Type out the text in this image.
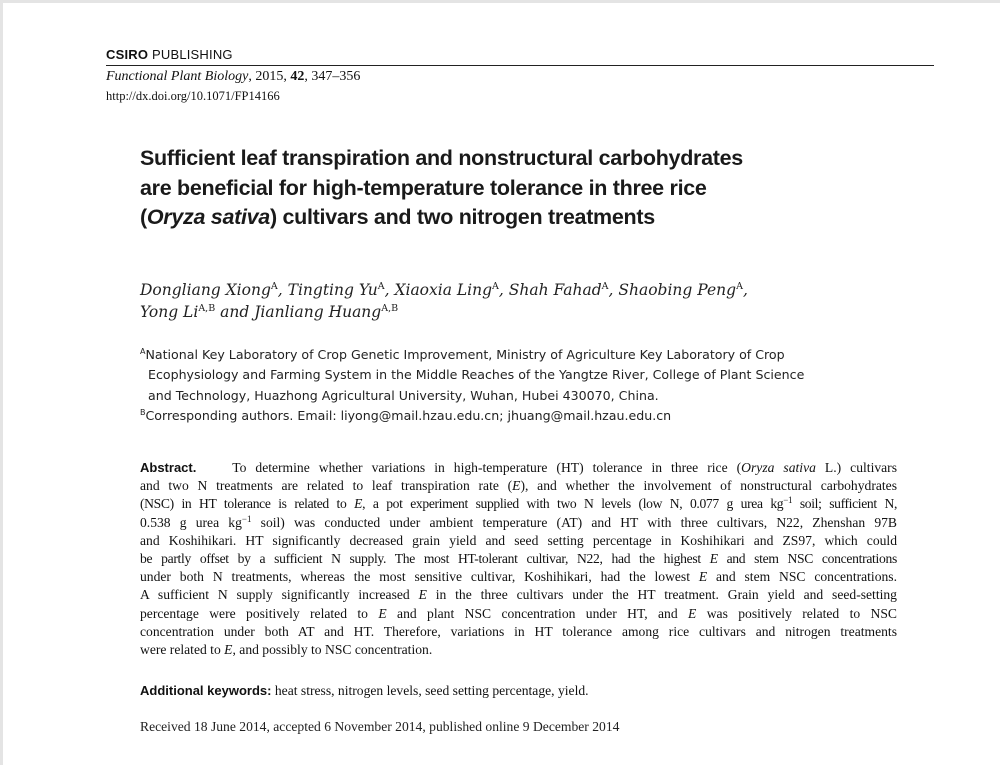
CSIRO PUBLISHING
Functional Plant Biology, 2015, 42, 347–356
http://dx.doi.org/10.1071/FP14166
Sufficient leaf transpiration and nonstructural carbohydrates
are beneficial for high-temperature tolerance in three rice
(Oryza sativa) cultivars and two nitrogen treatments
Dongliang Xiong$^A$, Tingting $Yu^A$, Xiaoxia Ling$^A$, Shah Fahad$^A$, Shaobing Peng$^A$,
Yong $Li^{A,B}$ and Jianliang Huang$^{A,B}$
$^A$National Key Laboratory of Crop Genetic Improvement, Ministry of Agriculture Key Laboratory of Crop
Ecophysiology and Farming System in the Middle Reaches of the Yangtze River, College of Plant Science
and Technology, Huazhong Agricultural University, Wuhan, Hubei 430070, China.
$^B$Corresponding authors. Email: liyong@mail.hzau.edu.cn; jhuang@mail.hzau.edu.cn
Abstract.	To determine whether variations in high-temperature (HT) tolerance in three rice (Oryza sativa L.) cultivars
and two N treatments are related to leaf transpiration rate (E), and whether the involvement of nonstructural carbohydrates
(NSC) in HT tolerance is related to E, a pot experiment supplied with two N levels (low N, 0.077 g urea $kg^{-1}$ soil; sufficient N,
0.538 g urea $kg^{-1}$ soil) was conducted under ambient temperature (AT) and HT with three cultivars, N22, Zhenshan 97B
and Koshihikari. HT significantly decreased grain yield and seed setting percentage in Koshihikari and ZS97, which could
be partly offset by a sufficient N supply. The most HT-tolerant cultivar, N22, had the highest E and stem NSC concentrations
under both N treatments, whereas the most sensitive cultivar, Koshihikari, had the lowest E and stem NSC concentrations.
A sufficient N supply significantly increased E in the three cultivars under the HT treatment. Grain yield and seed-setting
percentage were positively related to E and plant NSC concentration under HT, and E was positively related to NSC
concentration under both AT and HT. Therefore, variations in HT tolerance among rice cultivars and nitrogen treatments
were related to E, and possibly to NSC concentration.
Additional keywords: heat stress, nitrogen levels, seed setting percentage, yield.
Received 18 June 2014, accepted 6 November 2014, published online 9 December 2014
